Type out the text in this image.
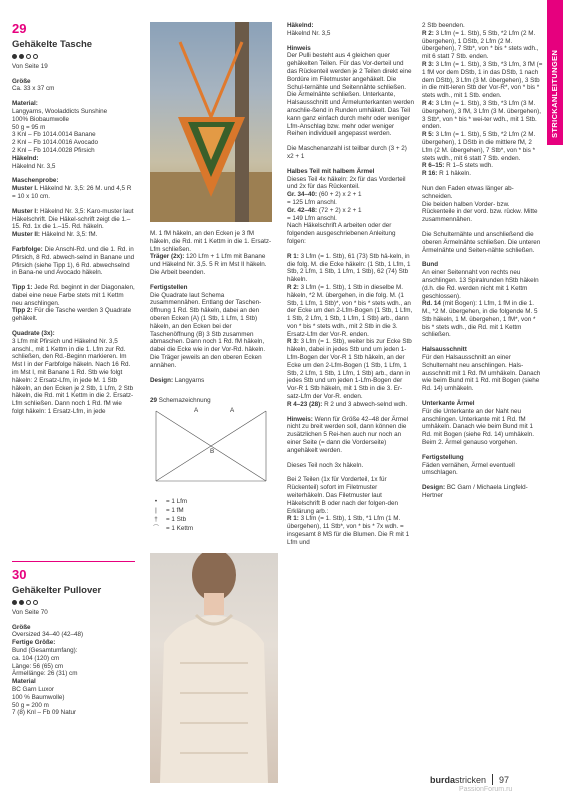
STRICKANLEITUNGEN
29
Gehäkelte Tasche
Von Seite 19
Größe
Ca. 33 x 37 cm
Material:
Langyarns, Wooladdicts Sunshine
100% Biobaumwolle
50 g = 95 m
3 Knl – Fb 1014.0014 Banane
2 Knl – Fb 1014.0016 Avocado
2 Knl – Fb 1014.0028 Pfirsich
Häkelnd:
Häkelnd Nr. 3,5
Maschenprobe:
Muster I. Häkelnd Nr. 3,5: 26 M. und 4,5 R = 10 x 10 cm.
Muster I: Häkelnd Nr. 3,5: Karo-muster laut Häkelschrift. Die Häkel-schrift zeigt die 1.–15. Rd. 1x die 1.–15. Rd. häkeln.
Muster II: Häkelnd Nr. 3,5: fM.
Farbfolge: Die Anschl-Rd. und die 1. Rd. in Pfirsich, 8 Rd. abwech-selnd in Banane und Pfirsich (siehe Tipp 1), 6 Rd. abwechselnd in Bana-ne und Avocado häkeln.
Tipp 1: Jede Rd. beginnt in der Diagonalen, dabei eine neue Farbe stets mit 1 Kettm neu anschlingen.
Tipp 2: Für die Tasche werden 3 Quadrate gehäkelt.
Quadrate (3x):
3 Lfm mit Pfirsich und Häkelnd Nr. 3,5 anschl., mit 1 Kettm in die 1. Lfm zur Rd. schließen, den Rd.-Beginn markieren. Im Mst I in der Farbfolge häkeln. Nach 16 Rd. im Mst I, mit Banane 1 Rd. Stb wie folgt häkeln: 2 Ersatz-Lfm, in jede M. 1 Stb häkeln, an den Ecken je 2 Stb, 1 Lfm, 2 Stb häkeln, die Rd. mit 1 Kettm in die 2. Ersatz-Lfm schließen. Dann noch 1 Rd. fM wie folgt häkeln: 1 Ersatz-Lfm, in jede
30
Gehäkelter Pullover
Von Seite 70
Größe
Oversized 34–40 (42–48)
Fertige Größe:
Bund (Gesamtumfang):
ca. 104 (120) cm
Länge: 56 (65) cm
Ärmellänge: 26 (31) cm
Material
BC Garn Luxor
100 % Baumwolle)
50 g = 200 m
7 (8) Knl – Fb 09 Natur
M. 1 fM häkeln, an den Ecken je 3 fM häkeln, die Rd. mit 1 Kettm in die 1. Ersatz-Lfm schließen.
Träger (2x): 120 Lfm + 1 Lfm mit Banane und Häkelnd Nr. 3,5. 5 R im Mst II häkeln. Die Arbeit beenden.
Fertigstellen
Die Quadrate laut Schema zusammennähen. Entlang der Taschen-öffnung 1 Rd. Stb häkeln, dabei an den oberen Ecken (A) (1 Stb, 1 Lfm, 1 Stb) häkeln, an den Ecken bei der Taschenöffnung (B) 3 Stb zusammen abmaschen. Dann noch 1 Rd. fM häkeln, dabei die Ecke wie in der Vor-Rd. häkeln. Die Träger jeweils an den oberen Ecken annähen.
Design: Langyarns
29 Schemazeichnung
A	A
B
•	= 1 Lfm
|	= 1 fM
†	= 1 Stb
⌒	= 1 Kettm
Häkelnd:
Häkelnd Nr. 3,5
Hinweis
Der Pulli besteht aus 4 gleichen quer gehäkelten Teilen. Für das Vor-derteil und das Rückenteil werden je 2 Teilen direkt eine Bordüre im Filetmuster angehäkelt. Die Schul-ternähte und Seitennähte schließen. Die Ärmelnähte schließen. Unterkante, Halsausschnitt und Ärmelunterkanten werden anschlie-ßend in Runden umhäkelt. Das Teil kann ganz einfach durch mehr oder weniger Lfm-Anschlag bzw. mehr oder weniger Reihen individuell angepasst werden.
Die Maschenanzahl ist teilbar durch (3 + 2) x2 + 1
Halbes Teil mit halbem Ärmel
Dieses Teil 4x häkeln: 2x für das Vorderteil und 2x für das Rückenteil.
Gr. 34–40: (60 + 2) x 2 + 1
= 125 Lfm anschl.
Gr. 42–48: (72 + 2) x 2 + 1
= 149 Lfm anschl.
Nach Häkelschrift A arbeiten oder der folgenden ausgeschriebenen Anleitung folgen:
R 1: 3 Lfm (= 1. Stb), 61 (73) Stb hä-keln, in die folg. M. die Ecke häkeln: (1 Stb, 1 Lfm, 1 Stb, 2 Lfm, 1 Stb, 1 Lfm, 1 Stb), 62 (74) Stb häkeln.
R 2: 3 Lfm (= 1. Stb), 1 Stb in dieselbe M. häkeln, *2 M. übergehen, in die folg. M. (1 Stb, 1 Lfm, 1 Stb)*, von * bis * stets wdh., an der Ecke um den 2-Lfm-Bogen (1 Stb, 1 Lfm, 1 Stb, 2 Lfm, 1 Stb, 1 Lfm, 1 Stb) arb., dann von * bis * stets wdh., mit 2 Stb in die 3. Ersatz-Lfm der Vor-R. enden.
R 3: 3 Lfm (= 1. Stb), weiter bis zur Ecke Stb häkeln, dabei in jedes Stb und um jeden 1-Lfm-Bogen der Vor-R 1 Stb häkeln, an der Ecke um den 2-Lfm-Bogen (1 Stb, 1 Lfm, 1 Stb, 2 Lfm, 1 Stb, 1 Lfm, 1 Stb) arb., dann in jedes Stb und um jeden 1-Lfm-Bogen der Vor-R 1 Stb häkeln, mit 1 Stb in die 3. Er-satz-Lfm der Vor-R. enden.
R 4–23 (28): R 2 und 3 abwech-selnd wdh.
Hinweis: Wenn für Größe 42–48 der Ärmel nicht zu breit werden soll, dann können die zusätzlichen 5 Rei-hen auch nur noch an einer Seite (= dann die Vorderseite) angehäkelt werden.
Dieses Teil noch 3x häkeln.
Bei 2 Teilen (1x für Vorderteil, 1x für Rückenteil) sofort im Filetmuster weiterhäkeln. Das Filetmuster laut Häkelschrift B oder nach der folgen-den Erklärung arb.:
R 1: 3 Lfm (= 1. Stb), 1 Stb, *1 Lfm (1 M. übergehen), 11 Stb*, von * bis * 7x wdh. = insgesamt 8 MS für die Blumen. Die R mit 1 Lfm und
2 Stb beenden.
R 2: 3 Lfm (= 1. Stb), 5 Stb, *2 Lfm (2 M. übergehen), 1 DStb, 2 Lfm (2 M. übergehen), 7 Stb*, von * bis * stets wdh., mit 6 statt 7 Stb. enden.
R 3: 3 Lfm (= 1. Stb), 3 Stb, *3 Lfm, 3 fM (= 1 fM vor dem DStb, 1 in das DStb, 1 nach dem DStb), 3 Lfm (3 M. übergehen), 3 Stb in die mitt-leren Stb der Vor-R*, von * bis * stets wdh., mit 1 Stb. enden.
R 4: 3 Lfm (= 1. Stb), 3 Stb, *3 Lfm (3 M. übergehen), 3 fM, 3 Lfm (3 M. übergehen), 3 Stb*, von * bis * wei-ter wdh., mit 1 Stb. enden.
R 5: 3 Lfm (= 1. Stb), 5 Stb, *2 Lfm (2 M. übergehen), 1 DStb in die mittlere fM, 2 Lfm (2 M. übergehen), 7 Stb*, von * bis * stets wdh., mit 6 statt 7 Stb. enden.
R 6–15: R 1–5 stets wdh.
R 16: R 1 häkeln.
Nun den Faden etwas länger ab-schneiden.
Die beiden halben Vorder- bzw. Rückenteile in der vord. bzw. rückw. Mitte zusammennähen.
Die Schulternähte und anschließend die oberen Ärmelnähte schließen. Die unteren Ärmelnähte und Seiten-nähte schließen.
Bund
An einer Seitennaht von rechts neu anschlingen. 13 Spiralrunden hStb häkeln (d.h. die Rd. werden nicht mit 1 Kettm geschlossen).
Rd. 14 (mit Bogen): 1 Lfm, 1 fM in die 1. M., *2 M. übergehen, in die folgende M. 5 Stb häkeln, 1 M. übergehen, 1 fM*, von * bis * stets wdh., die Rd. mit 1 Kettm schließen.
Halsausschnitt
Für den Halsausschnitt an einer Schulternaht neu anschlingen. Hals-ausschnitt mit 1 Rd. fM umhäkeln. Danach wie beim Bund mit 1 Rd. mit Bogen (siehe Rd. 14) umhäkeln.
Unterkante Ärmel
Für die Unterkante an der Naht neu anschlingen. Unterkante mit 1 Rd. fM umhäkeln. Danach wie beim Bund mit 1 Rd. mit Bogen (siehe Rd. 14) umhäkeln. Beim 2. Ärmel genauso vorgehen.
Fertigstellung
Fäden vernähen, Ärmel eventuell umschlagen.
Design: BC Garn / Michaela Lingfeld-Hertner
burdastricken 97
PassionForum.ru
